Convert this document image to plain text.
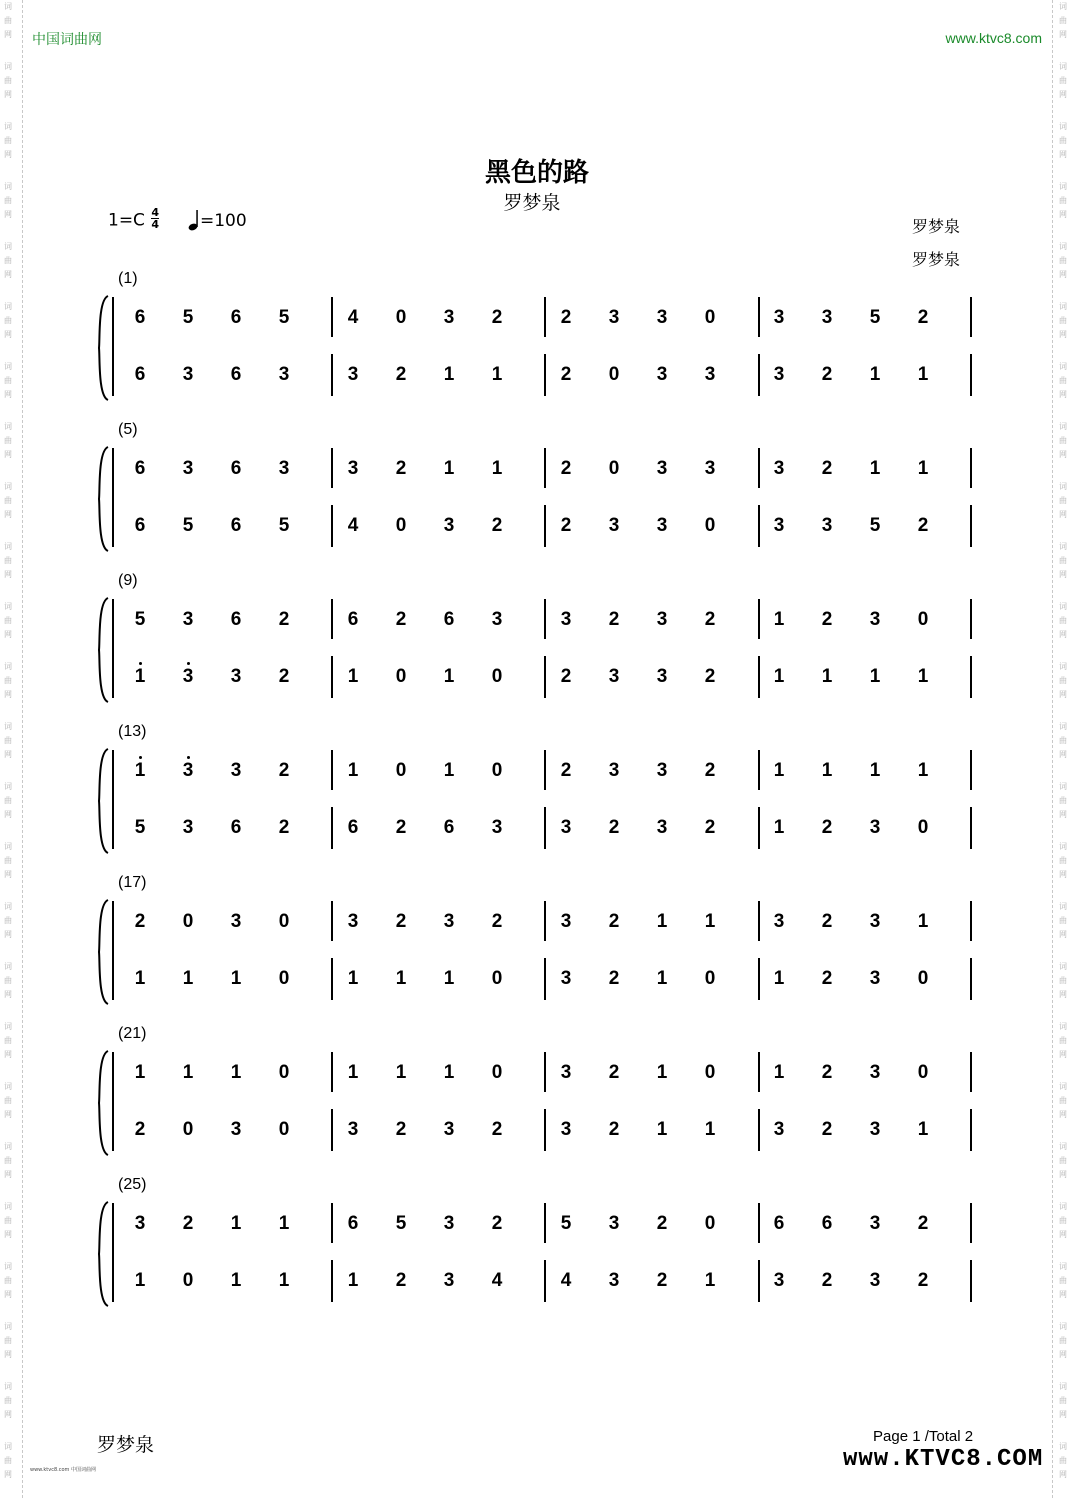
词
曲
网
词
曲
网
词
曲
网
词
曲
网
词
曲
网
词
曲
网
词
曲
网
词
曲
网
词
曲
网
词
曲
网
词
曲
网
词
曲
网
词
曲
网
词
曲
网
词
曲
网
词
曲
网
词
曲
网
词
曲
网
词
曲
网
词
曲
网
词
曲
网
词
曲
网
词
曲
网
词
曲
网
词
曲
网
词
曲
网
词
曲
网
词
曲
网
词
曲
网
词
曲
网
词
曲
网
词
曲
网
词
曲
网
词
曲
网
词
曲
网
词
曲
网
词
曲
网
词
曲
网
词
曲
网
词
曲
网
词
曲
网
词
曲
网
词
曲
网
词
曲
网
词
曲
网
词
曲
网
词
曲
网
词
曲
网
词
曲
网
词
曲
网
中国词曲网	www.ktvc8.com
黑色的路
罗梦泉
$1=C \frac{4}{4}$	=100	罗梦泉
罗梦泉
(1)
6	5	6	5	4	0	3	2	2	3	3	0	3	3	5	2
6	3	6	3	3	2	1	1	2	0	3	3	3	2	1	1
(5)
6	3	6	3	3	2	1	1	2	0	3	3	3	2	1	1
6	5	6	5	4	0	3	2	2	3	3	0	3	3	5	2
(9)
5	3	6	2	6	2	6	3	3	2	3	2	1	2	3	0
1	3	3	2	1	0	1	0	2	3	3	2	1	1	1	1
(13)
1	3	3	2	1	0	1	0	2	3	3	2	1	1	1	1
5	3	6	2	6	2	6	3	3	2	3	2	1	2	3	0
(17)
2	0	3	0	3	2	3	2	3	2	1	1	3	2	3	1
1	1	1	0	1	1	1	0	3	2	1	0	1	2	3	0
(21)
1	1	1	0	1	1	1	0	3	2	1	0	1	2	3	0
2	0	3	0	3	2	3	2	3	2	1	1	3	2	3	1
(25)
3	2	1	1	6	5	3	2	5	3	2	0	6	6	3	2
1	0	1	1	1	2	3	4	4	3	2	1	3	2	3	2
罗梦泉	Page 1 /Total 2
www.KTVC8.COM
www.ktvc8.com 中国词曲网
